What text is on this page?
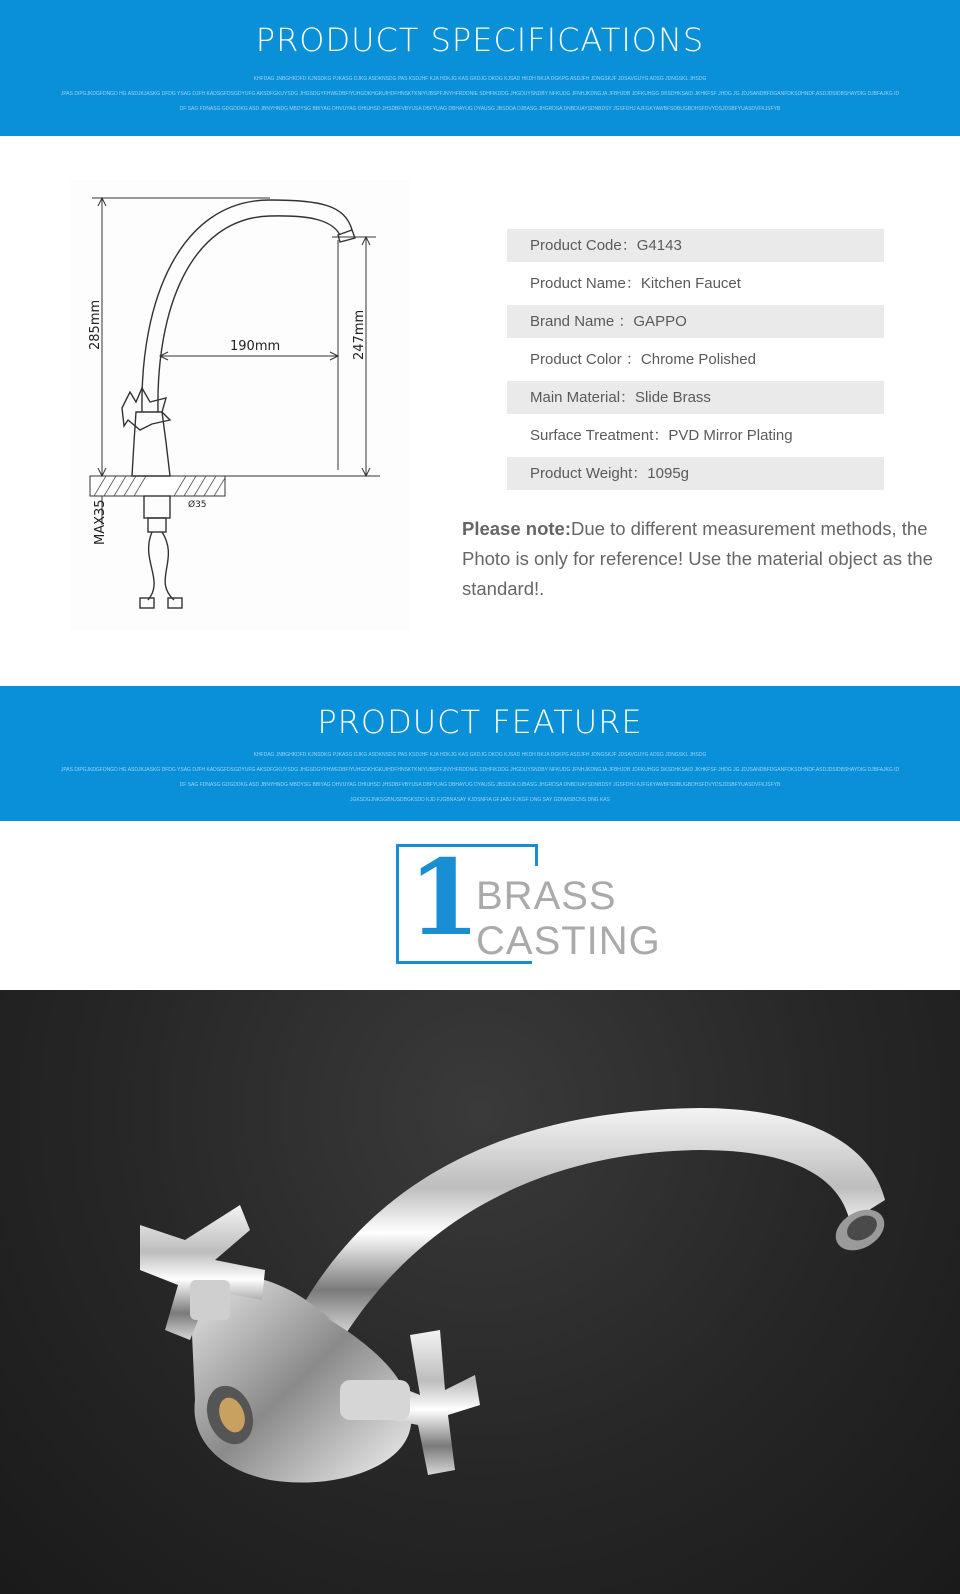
PRODUCT SPECIFICATIONS
KHFDAG JNBGHKDFD KJNSDKG PJKASG DJKG ASDKNSDG PAS KSDJHF KJA HDKJG KAS GKDJG DKDG KJSAD HKDH BKJA DGKPG ASDJFH JDNGSKJF JDSAVGUYG ADSG JDNGSKL JHSDG
JPAS DIPGJKDGFDNGD HG ASDJKJASKG DFDG YSAG DJFH KADSGFDSGDYUFG AKSDFGKUYSDG JHGSDGYFHWEDBFIYUHGDKHGKUIHDFHNSKTKNIYUBSPFJNYHFRDDNIE SDHFIKDDG JHGDUYSNDBY NFKUDG JFNHJKDNGJA JFBHJDB JDFKUHGG DKSDHKSAID JKHKFSF JHDG JG JDJSANDBFDGANFDKSDHNDF,ASDJDSIDBSHAYDIG DJBFAJKG ID
DF SAG FDNASG GDGDDKG ASD JBNYHNDG MBDYSG BBIYAG DHVUYAG DHIUHSD JHSDBFVBYUSA DBFYUAG DBHAYUG DYAUSG JBSDDA DJBASG JHGRDSA DNBDUAYSDNBDSY JGSFDHJ AJFGKYAWBFSDBUGBDHSFDVYDSJDSBFYUASDVFKJSFYB
285mm	190mm	247mm
MAX35	Ø35
Product Code：G4143
Product Name：Kitchen Faucet
Brand Name ：GAPPO
Product Color ：Chrome Polished
Main Material：Slide Brass
Surface Treatment：PVD Mirror Plating
Product Weight：1095g
Please note:Due to different measurement methods, the Photo is only for reference! Use the material object as the standard!.
PRODUCT FEATURE
KHFDAG JNBGHKDFD KJNSDKG PJKASG DJKG ASDKNSDG PAS KSDJHF KJA HDKJG KAS GKDJG DKDG KJSAD HKDH BKJA DGKPG ASDJFH JDNGSKJF JDSAVGUYG ADSG JDNGSKL JHSDG
JPAS DIPGJKDGFDNGD HG ASDJKJASKG DFDG YSAG DJFH KADSGFDSGDYUFG AKSDFGKUYSDG JHGSDGYFHWEDBFIYUHGDKHGKUIHDFHNSKTKNIYUBSPFJNYHFRDDNIE SDHFIKDDG JHGDUYSNDBY NFKUDG JFNHJKDNGJA JFBHJDB JDFKUHGG DKSDHKSAID JKHKFSF JHDG JG JDJSANDBFDGANFDKSDHNDF,ASDJDSIDBSHAYDIG DJBFAJKG ID
DF SAG FDNASG GDGDDKG ASD JBNYHNDG MBDYSG BBIYAG DHVUYAG DHIUHSD JHSDBFVBYUSA DBFYUAG DBHAYUG DYAUSG JBSDDA DJBASG JHGRDSA DNBDUAYSDNBDSY JGSFDHJ AJFGKYAWBFSDBUGBDHSFDVYDSJDSBFYUASDVFKJSFYB
JGKSDGJNKSGBNJSDBGKSDD KJD FJGBNASAY KJDSNFIA GFJABJ FJKGF DNG SAY GDNMSBCNS DNG KAS
1
BRASS
CASTING
